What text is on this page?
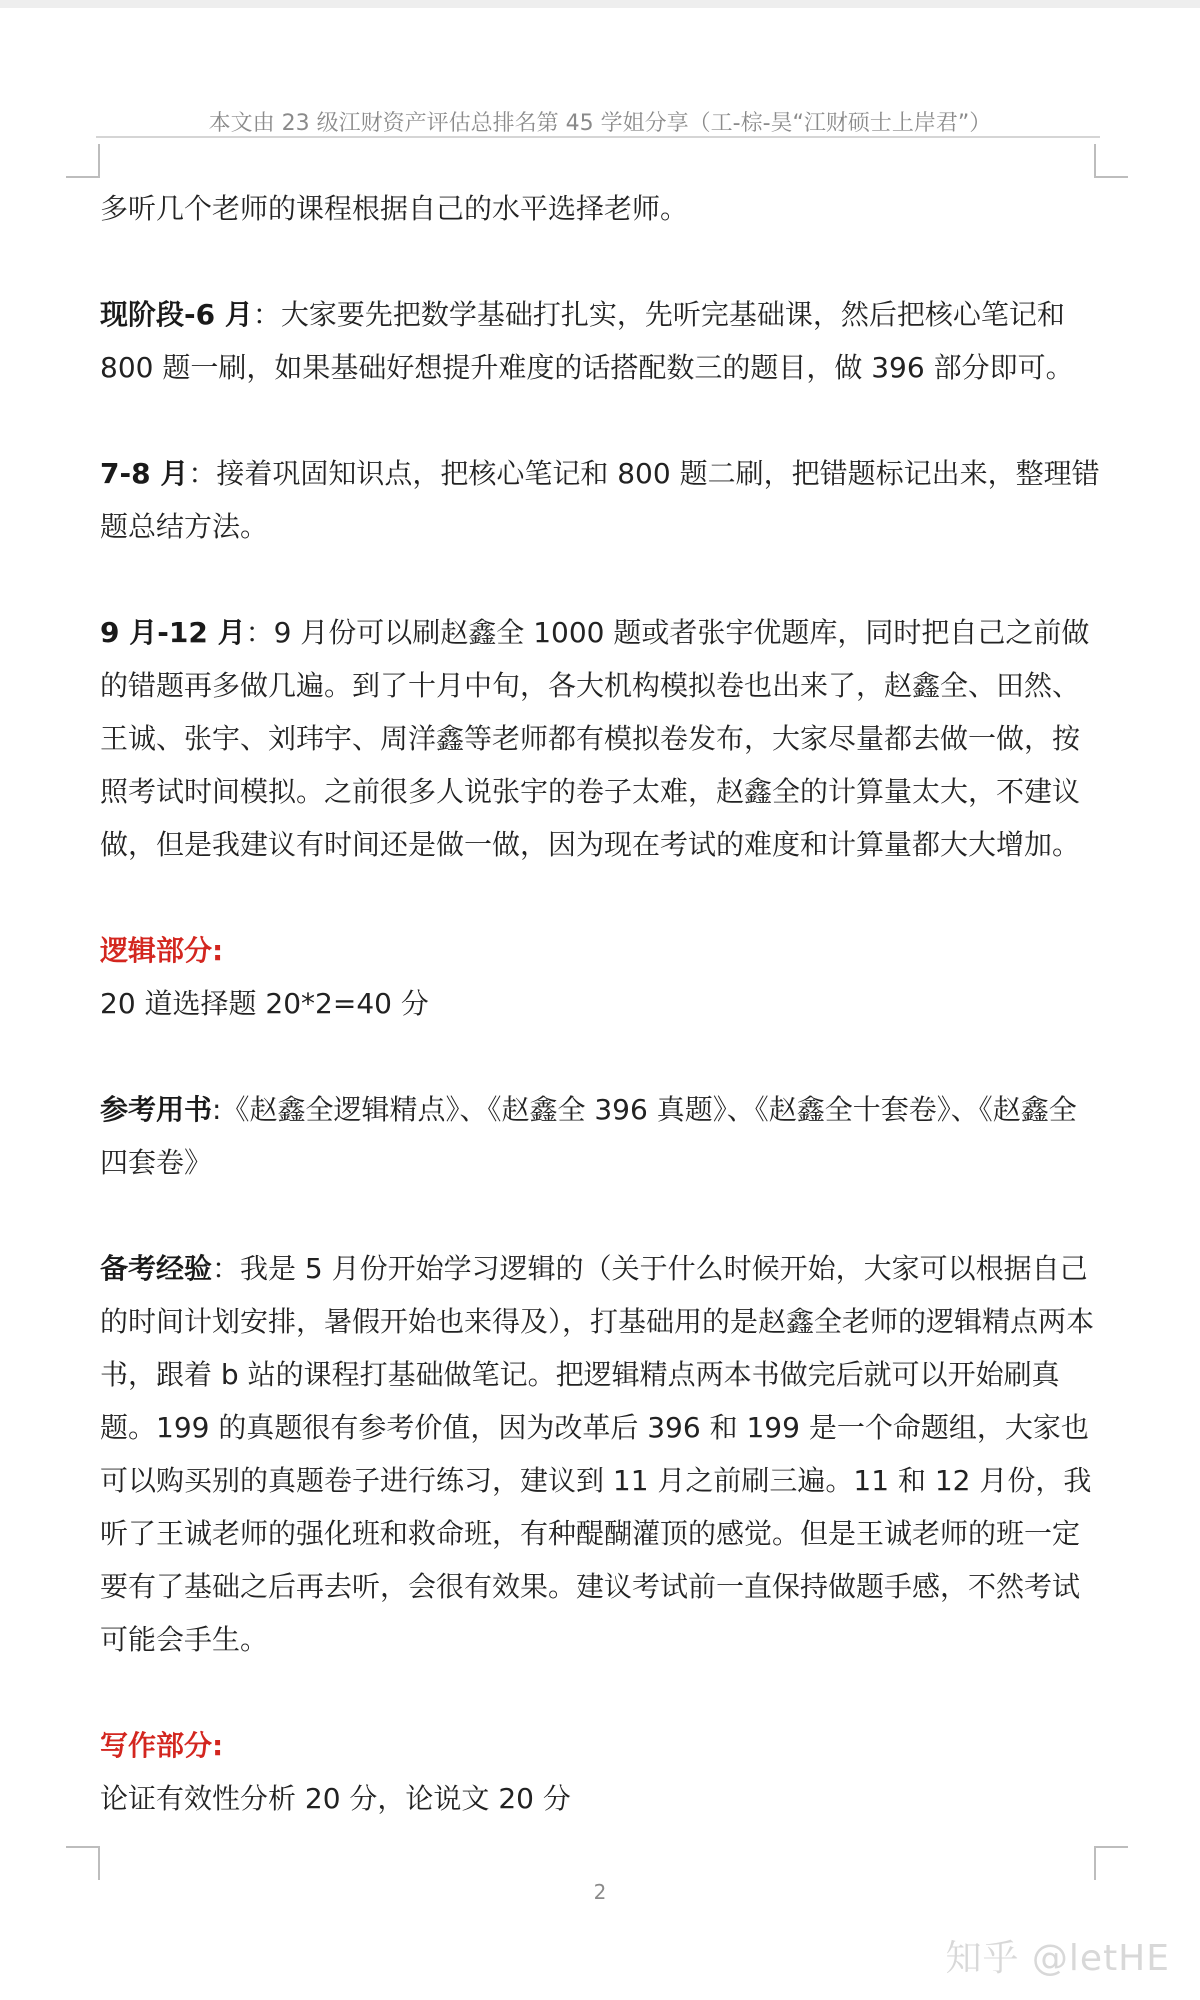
本文由 23 级江财资产评估总排名第 45 学姐分享（工-棕-昊“江财硕士上岸君”）

多听几个老师的课程根据自己的水平选择老师。

现阶段-6 月：大家要先把数学基础打扎实，先听完基础课，然后把核心笔记和 800 题一刷，如果基础好想提升难度的话搭配数三的题目，做 396 部分即可。

7-8 月：接着巩固知识点，把核心笔记和 800 题二刷，把错题标记出来，整理错题总结方法。

9 月-12 月：9 月份可以刷赵鑫全 1000 题或者张宇优题库，同时把自己之前做的错题再多做几遍。到了十月中旬，各大机构模拟卷也出来了，赵鑫全、田然、王诚、张宇、刘玮宇、周洋鑫等老师都有模拟卷发布，大家尽量都去做一做，按照考试时间模拟。之前很多人说张宇的卷子太难，赵鑫全的计算量太大，不建议做，但是我建议有时间还是做一做，因为现在考试的难度和计算量都大大增加。

逻辑部分:

20 道选择题 20*2=40 分

参考用书:《赵鑫全逻辑精点》、《赵鑫全 396 真题》、《赵鑫全十套卷》、《赵鑫全四套卷》

备考经验：我是 5 月份开始学习逻辑的（关于什么时候开始，大家可以根据自己的时间计划安排，暑假开始也来得及），打基础用的是赵鑫全老师的逻辑精点两本书，跟着 b 站的课程打基础做笔记。把逻辑精点两本书做完后就可以开始刷真题。199 的真题很有参考价值，因为改革后 396 和 199 是一个命题组，大家也可以购买别的真题卷子进行练习，建议到 11 月之前刷三遍。11 和 12 月份，我听了王诚老师的强化班和救命班，有种醍醐灌顶的感觉。但是王诚老师的班一定要有了基础之后再去听，会很有效果。建议考试前一直保持做题手感，不然考试可能会手生。

写作部分:

论证有效性分析 20 分，论说文 20 分

2
知乎 @letHE
